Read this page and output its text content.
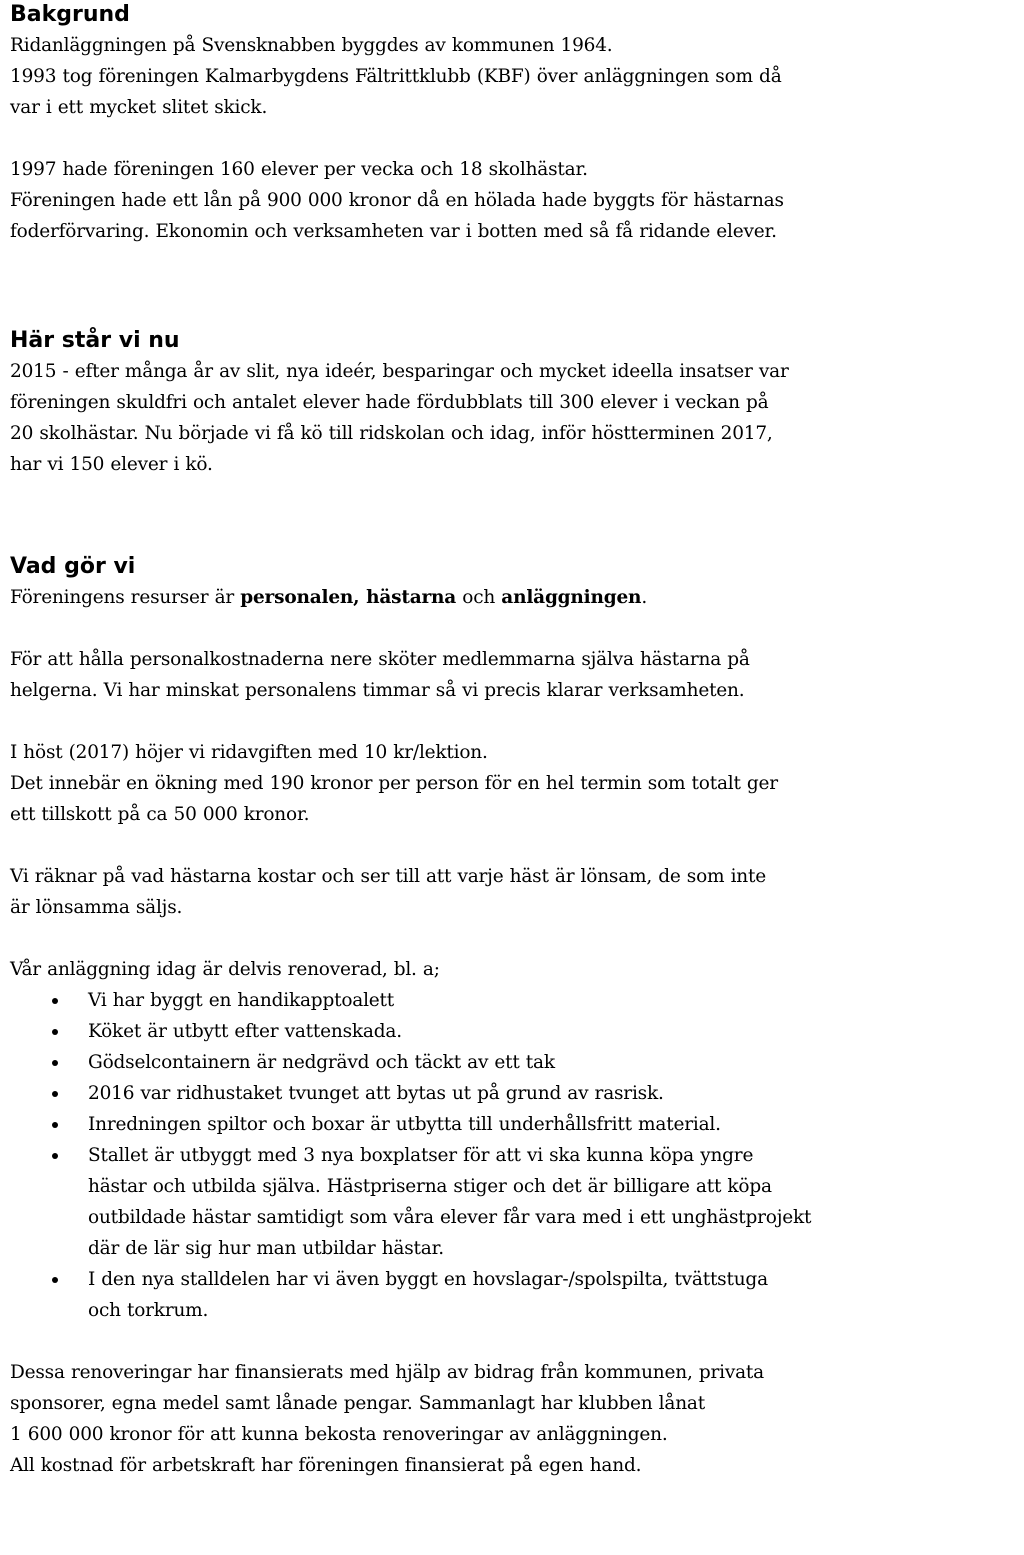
Bakgrund

Ridanläggningen på Svensknabben byggdes av kommunen 1964.
1993 tog föreningen Kalmarbygdens Fältrittklubb (KBF) över anläggningen som då
var i ett mycket slitet skick.

1997 hade föreningen 160 elever per vecka och 18 skolhästar.
Föreningen hade ett lån på 900 000 kronor då en hölada hade byggts för hästarnas
foderförvaring. Ekonomin och verksamheten var i botten med så få ridande elever.

Här står vi nu

2015 - efter många år av slit, nya ideér, besparingar och mycket ideella insatser var
föreningen skuldfri och antalet elever hade fördubblats till 300 elever i veckan på
20 skolhästar. Nu började vi få kö till ridskolan och idag, inför höstterminen 2017,
har vi 150 elever i kö.

Vad gör vi

Föreningens resurser är personalen, hästarna och anläggningen.

För att hålla personalkostnaderna nere sköter medlemmarna själva hästarna på
helgerna. Vi har minskat personalens timmar så vi precis klarar verksamheten.

I höst (2017) höjer vi ridavgiften med 10 kr/lektion.
Det innebär en ökning med 190 kronor per person för en hel termin som totalt ger
ett tillskott på ca 50 000 kronor.

Vi räknar på vad hästarna kostar och ser till att varje häst är lönsam, de som inte
är lönsamma säljs.

Vår anläggning idag är delvis renoverad, bl. a;

Vi har byggt en handikapptoalett
Köket är utbytt efter vattenskada.
Gödselcontainern är nedgrävd och täckt av ett tak
2016 var ridhustaket tvunget att bytas ut på grund av rasrisk.
Inredningen spiltor och boxar är utbytta till underhållsfritt material.
Stallet är utbyggt med 3 nya boxplatser för att vi ska kunna köpa yngre
hästar och utbilda själva. Hästpriserna stiger och det är billigare att köpa
outbildade hästar samtidigt som våra elever får vara med i ett unghästprojekt
där de lär sig hur man utbildar hästar.
I den nya stalldelen har vi även byggt en hovslagar-/spolspilta, tvättstuga
och torkrum.

Dessa renoveringar har finansierats med hjälp av bidrag från kommunen, privata
sponsorer, egna medel samt lånade pengar. Sammanlagt har klubben lånat
1 600 000 kronor för att kunna bekosta renoveringar av anläggningen.
All kostnad för arbetskraft har föreningen finansierat på egen hand.
